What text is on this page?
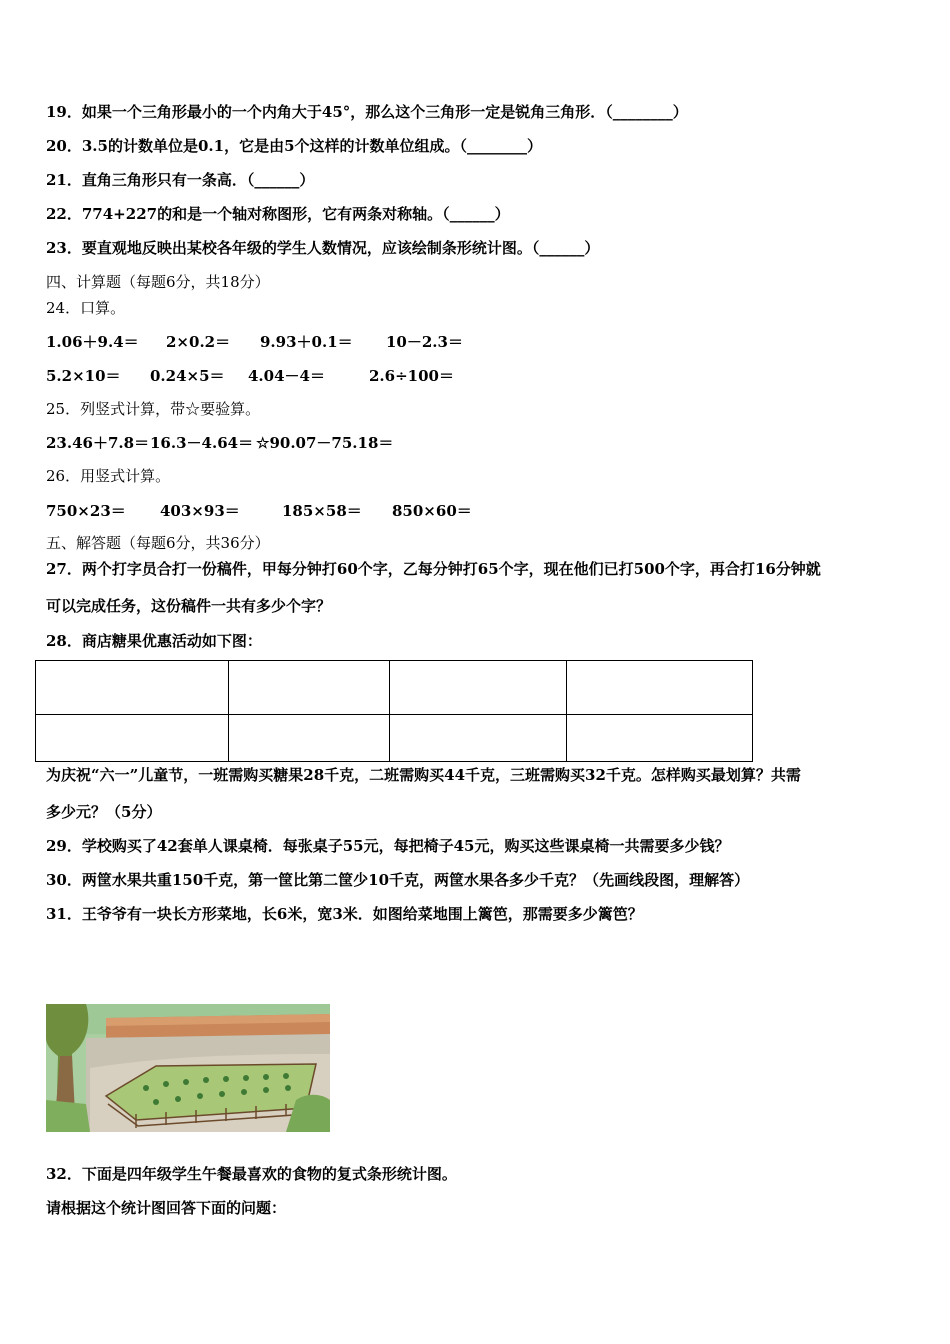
19．如果一个三角形最小的一个内角大于45°，那么这个三角形一定是锐角三角形．（________）
20．3.5的计数单位是0.1，它是由5个这样的计数单位组成。（________）
21．直角三角形只有一条高．（______）
22．774+227的和是一个轴对称图形，它有两条对称轴。（______）
23．要直观地反映出某校各年级的学生人数情况，应该绘制条形统计图。（______）
四、计算题（每题6分，共18分）
24．口算。
1.06＋9.4＝ 2×0.2＝ 9.93＋0.1＝ 10－2.3＝
5.2×10＝ 0.24×5＝ 4.04－4＝	2.6÷100＝
25．列竖式计算，带☆要验算。
23.46＋7.8＝ 16.3－4.64＝ ☆90.07－75.18＝
26．用竖式计算。
750×23＝ 403×93＝	185×58＝ 850×60＝
五、解答题（每题6分，共36分）
27．两个打字员合打一份稿件，甲每分钟打60个字，乙每分钟打65个字，现在他们已打500个字，再合打16分钟就
可以完成任务，这份稿件一共有多少个字？
28．商店糖果优惠活动如下图：

为庆祝“六一”儿童节，一班需购买糖果28千克，二班需购买44千克，三班需购买32千克。怎样购买最划算？共需
多少元？（5分）
29．学校购买了42套单人课桌椅．每张桌子55元，每把椅子45元，购买这些课桌椅一共需要多少钱？
30．两筐水果共重150千克，第一筐比第二筐少10千克，两筐水果各多少千克？（先画线段图，理解答）
31．王爷爷有一块长方形菜地，长6米，宽3米．如图给菜地围上篱笆，那需要多少篱笆？
32．下面是四年级学生午餐最喜欢的食物的复式条形统计图。
请根据这个统计图回答下面的问题：
